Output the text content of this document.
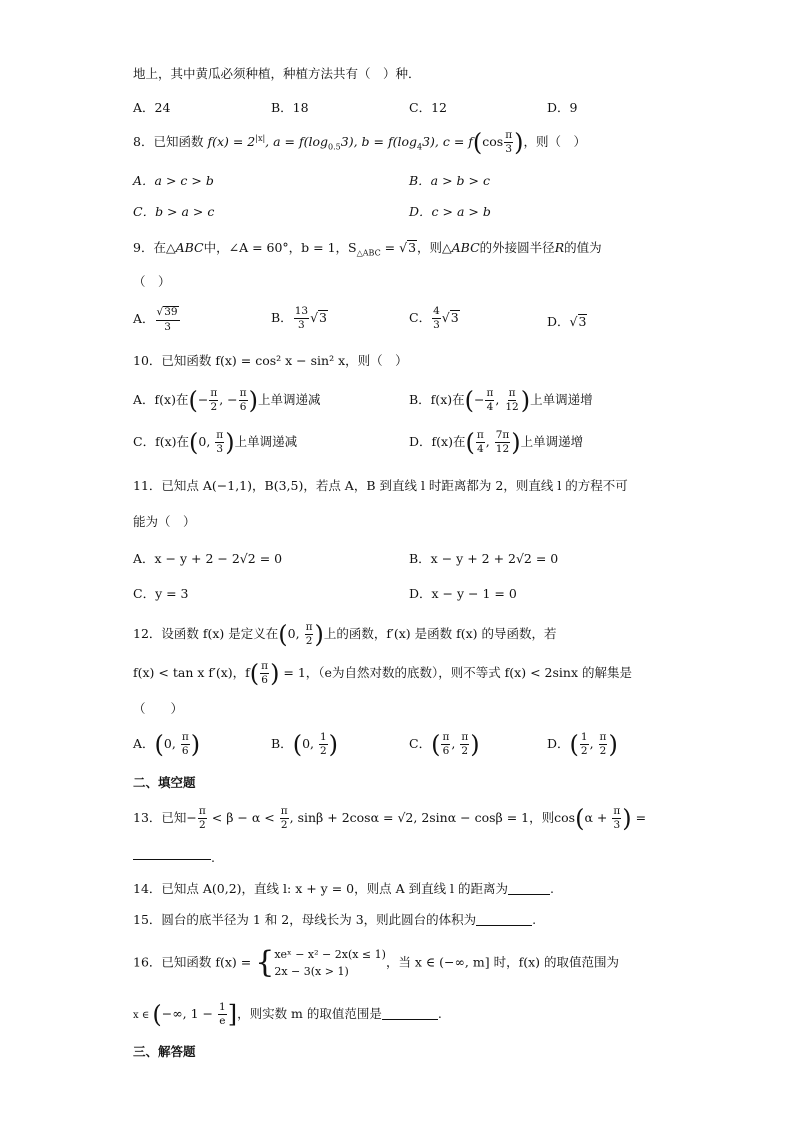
地上，其中黄瓜必须种植，种植方法共有（　）种．
A．24	B．18	C．12	D．9
8．已知函数 $f(x) = 2^{|x|}$, $a = f(\log_{0.5}3)$, $b = f(\log_43)$, $c = f(\cos \frac{\pi}{3}$ )，则（　）
A．a > c > b	B．a > b > c
C．b > a > c	D．c > a > b
9．在△ABC中，∠A = 60°，b = 1，$S_{\triangle ABC} = √3$，则△ABC的外接圆半径R的值为
（　）
A． $\frac{√39}{3}$	B． $\frac{13}{3} √3$	C． $\frac{4}{3} √3$	D．√3
10．已知函数 f(x) = cos² x − sin² x，则（　）
A．f(x)在(− $\frac{\pi}{2}$ , − $\frac{\pi}{6}$ )上单调递减	B．f(x)在(− $\frac{\pi}{4}$ , $\frac{\pi}{12}$ )上单调递增
C．f(x)在(0, $\frac{\pi}{3}$ )上单调递减	D．f(x)在( $\frac{\pi}{4}$ , $\frac{7\pi}{12}$ )上单调递增
11．已知点 A(−1,1)，B(3,5)，若点 A，B 到直线 l 时距离都为 2，则直线 l 的方程不可
能为（　）
A．x − y + 2 − 2√2 = 0	B．x − y + 2 + 2√2 = 0
C．y = 3	D．x − y − 1 = 0
12．设函数 f(x) 是定义在(0, $\frac{\pi}{2}$ )上的函数，f′(x) 是函数 f(x) 的导函数，若
f(x) < tan x f′(x)，$f( \frac{\pi}{6}$ ) = 1，（e为自然对数的底数），则不等式 f(x) < 2sinx 的解集是
（　　）
A．(0, $\frac{\pi}{6}$ )	B．(0, $\frac{1}{2}$ )	C．( $\frac{\pi}{6}$ , $\frac{\pi}{2}$ )	D．( $\frac{1}{2}$ , $\frac{\pi}{2}$ )
二、填空题
13．已知− $\frac{\pi}{2} < \beta - \alpha < \frac{\pi}{2}$ , sinβ + 2cosα = √2, 2sinα − cosβ = 1，则$\cos(\alpha + \frac{\pi}{3}$ ) =
.
14．已知点 A(0,2)，直线 l: x + y = 0，则点 A 到直线 l 的距离为	.
15．圆台的底半径为 1 和 2，母线长为 3，则此圆台的体积为	.
16．已知函数 f(x) = { xeˣ − x² − 2x(x ≤ 1)
2x − 3(x > 1)
，当 x ∈ (−∞, m] 时，f(x) 的取值范围为
x ∈ (−∞, $1 - \frac{1}{e}$ ]，则实数 m 的取值范围是	.
三、解答题
